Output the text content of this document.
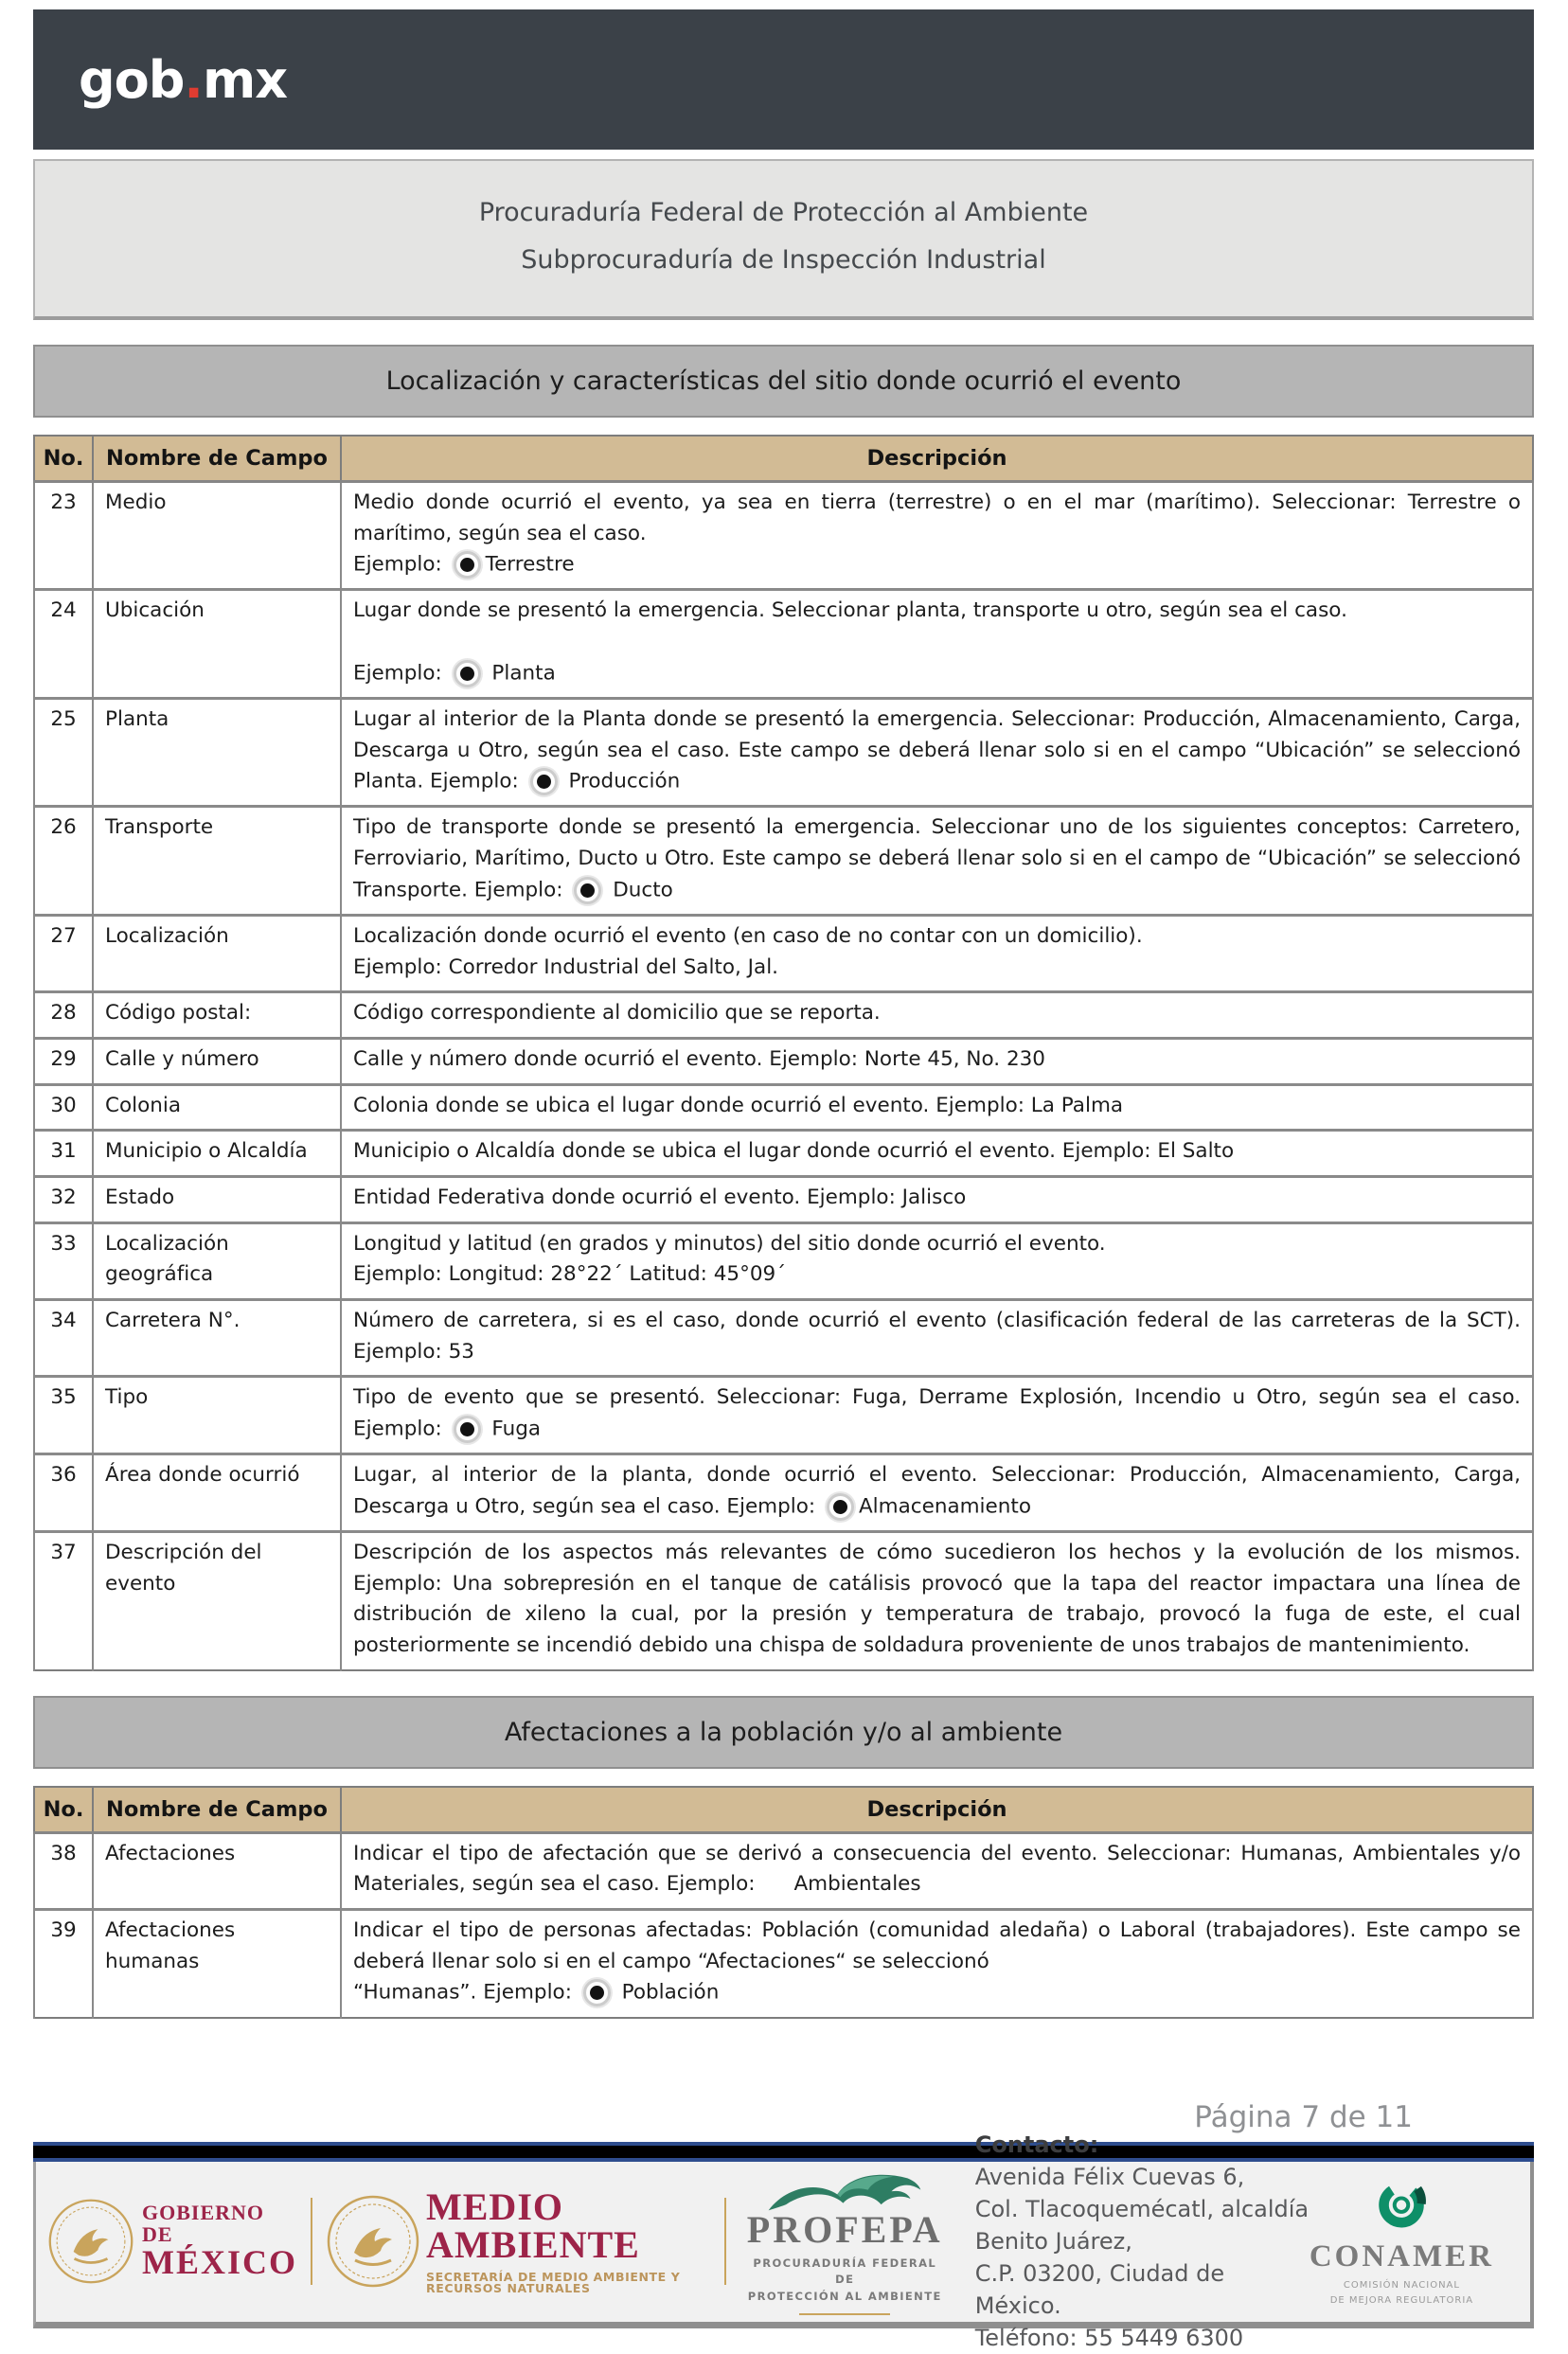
gob.mx
Procuraduría Federal de Protección al Ambiente
Subprocuraduría de Inspección Industrial
Localización y características del sitio donde ocurrió el evento
No.	Nombre de Campo	Descripción
23	Medio	Medio donde ocurrió el evento, ya sea en tierra (terrestre) o en el mar (marítimo). Seleccionar: Terrestre o marítimo, según sea el caso.
Ejemplo: Terrestre
24	Ubicación	Lugar donde se presentó la emergencia. Seleccionar planta, transporte u otro, según sea el caso.

Ejemplo:  Planta
25	Planta	Lugar al interior de la Planta donde se presentó la emergencia. Seleccionar: Producción, Almacenamiento, Carga, Descarga u Otro, según sea el caso. Este campo se deberá llenar solo si en el campo “Ubicación” se seleccionó Planta. Ejemplo:  Producción
26	Transporte	Tipo de transporte donde se presentó la emergencia. Seleccionar uno de los siguientes conceptos: Carretero, Ferroviario, Marítimo, Ducto u Otro. Este campo se deberá llenar solo si en el campo de “Ubicación” se seleccionó Transporte. Ejemplo:  Ducto
27	Localización	Localización donde ocurrió el evento (en caso de no contar con un domicilio).
Ejemplo: Corredor Industrial del Salto, Jal.
28	Código postal:	Código correspondiente al domicilio que se reporta.
29	Calle y número	Calle y número donde ocurrió el evento. Ejemplo: Norte 45, No. 230
30	Colonia	Colonia donde se ubica el lugar donde ocurrió el evento. Ejemplo: La Palma
31	Municipio o Alcaldía	Municipio o Alcaldía donde se ubica el lugar donde ocurrió el evento. Ejemplo: El Salto
32	Estado	Entidad Federativa donde ocurrió el evento. Ejemplo: Jalisco
33	Localización geográfica	Longitud y latitud (en grados y minutos) del sitio donde ocurrió el evento.
Ejemplo: Longitud: 28°22´ Latitud: 45°09´
34	Carretera N°.	Número de carretera, si es el caso, donde ocurrió el evento (clasificación federal de las carreteras de la SCT). Ejemplo: 53
35	Tipo	Tipo de evento que se presentó. Seleccionar: Fuga, Derrame Explosión, Incendio u Otro, según sea el caso. Ejemplo:  Fuga
36	Área donde ocurrió	Lugar, al interior de la planta, donde ocurrió el evento. Seleccionar: Producción, Almacenamiento, Carga, Descarga u Otro, según sea el caso. Ejemplo: Almacenamiento
37	Descripción del evento	Descripción de los aspectos más relevantes de cómo sucedieron los hechos y la evolución de los mismos. Ejemplo: Una sobrepresión en el tanque de catálisis provocó que la tapa del reactor impactara una línea de distribución de xileno la cual, por la presión y temperatura de trabajo, provocó la fuga de este, el cual posteriormente se incendió debido una chispa de soldadura proveniente de unos trabajos de mantenimiento.
Afectaciones a la población y/o al ambiente
No.	Nombre de Campo	Descripción
38	Afectaciones	Indicar el tipo de afectación que se derivó a consecuencia del evento. Seleccionar: Humanas, Ambientales y/o Materiales, según sea el caso. Ejemplo:      Ambientales
39	Afectaciones humanas	Indicar el tipo de personas afectadas: Población (comunidad aledaña) o Laboral (trabajadores). Este campo se deberá llenar solo si en el campo “Afectaciones“ se seleccionó
“Humanas”. Ejemplo:  Población
Página 7 de 11
GOBIERNO DE
MÉXICO
MEDIO AMBIENTE
SECRETARÍA DE MEDIO AMBIENTE Y RECURSOS NATURALES
PROFEPA
PROCURADURÍA FEDERAL DE
PROTECCIÓN AL AMBIENTE
Contacto:
Avenida Félix Cuevas 6,
Col. Tlacoquemécatl, alcaldía Benito Juárez,
C.P. 03200, Ciudad de México.
Teléfono: 55 5449 6300
CONAMER
COMISIÓN NACIONAL
DE MEJORA REGULATORIA
